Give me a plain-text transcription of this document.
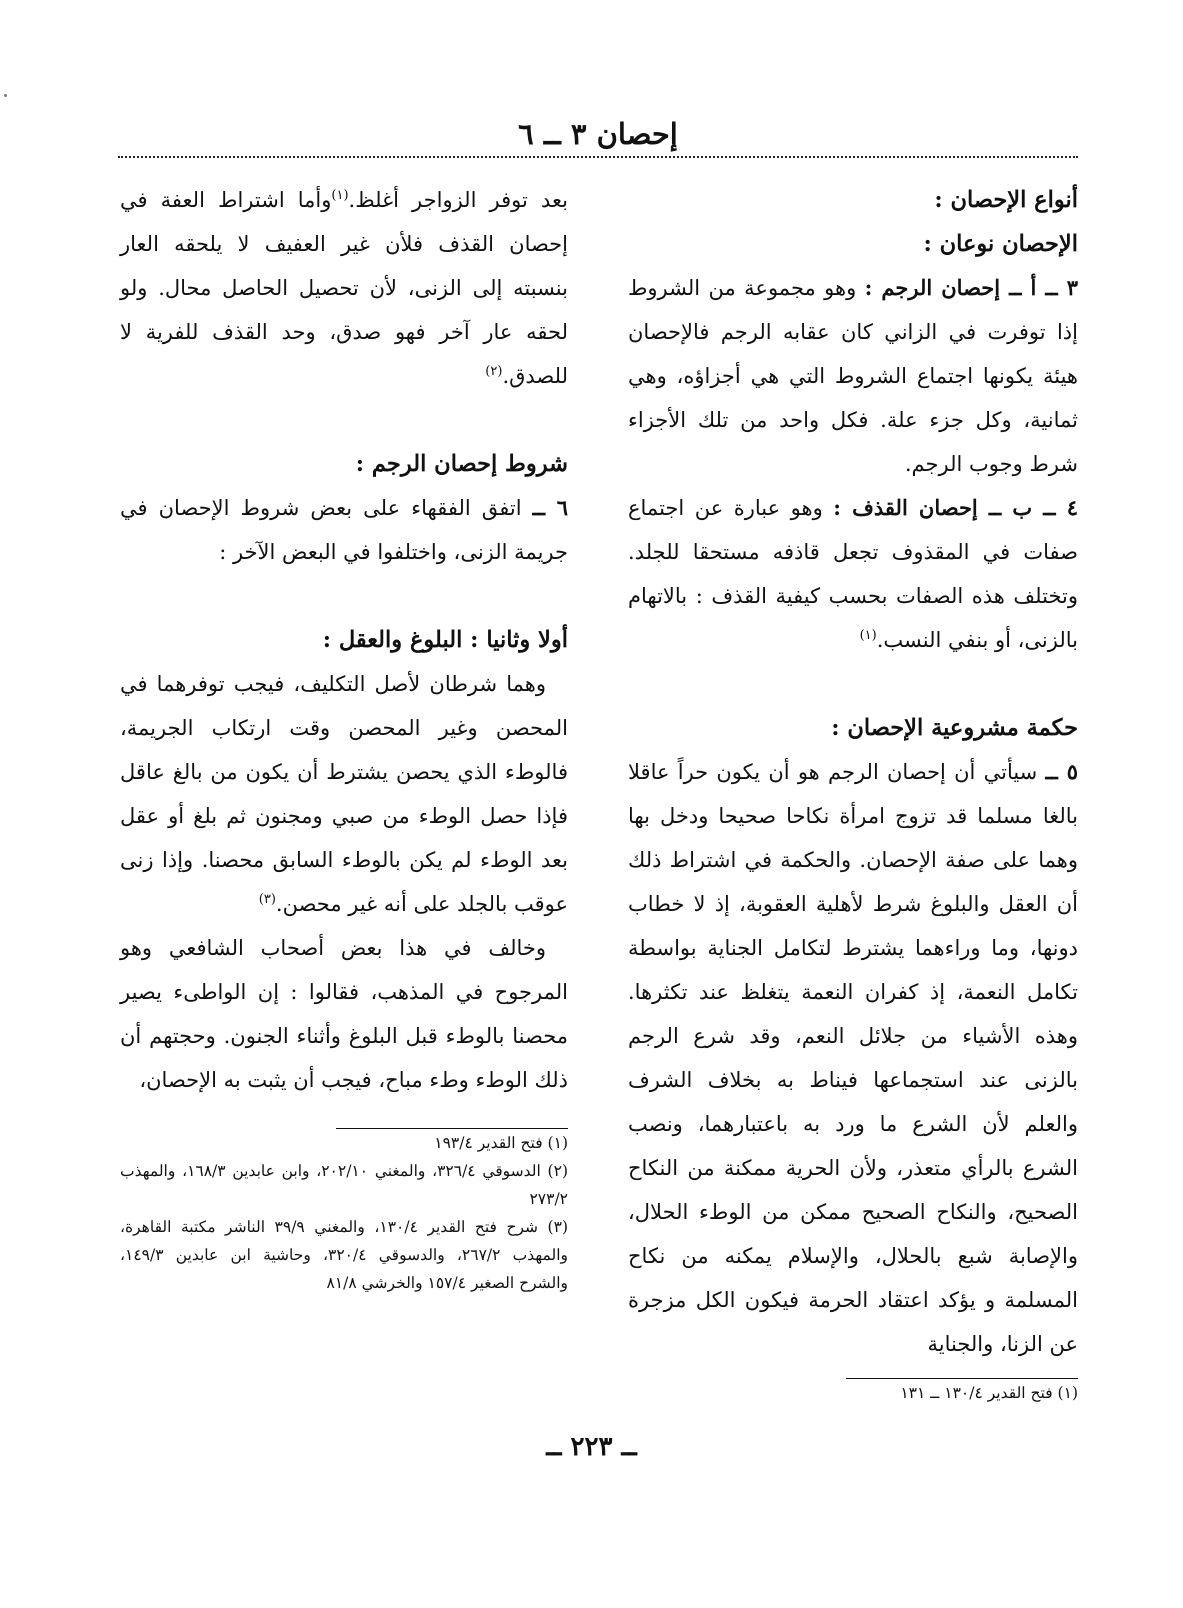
إحصان ٣ ــ ٦

أنواع الإحصان :

الإحصان نوعان :

٣ ــ أ ــ إحصان الرجم : وهو مجموعة من الشروط إذا توفرت في الزاني كان عقابه الرجم فالإحصان هيئة يكونها اجتماع الشروط التي هي أجزاؤه، وهي ثمانية، وكل جزء علة. فكل واحد من تلك الأجزاء شرط وجوب الرجم.

٤ ــ ب ــ إحصان القذف : وهو عبارة عن اجتماع صفات في المقذوف تجعل قاذفه مستحقا للجلد. وتختلف هذه الصفات بحسب كيفية القذف : بالاتهام بالزنى، أو بنفي النسب.$^{(١)}$

حكمة مشروعية الإحصان :

٥ ــ سيأتي أن إحصان الرجم هو أن يكون حراً عاقلا بالغا مسلما قد تزوج امرأة نكاحا صحيحا ودخل بها وهما على صفة الإحصان. والحكمة في اشتراط ذلك أن العقل والبلوغ شرط لأهلية العقوبة، إذ لا خطاب دونها، وما وراءهما يشترط لتكامل الجناية بواسطة تكامل النعمة، إذ كفران النعمة يتغلظ عند تكثرها. وهذه الأشياء من جلائل النعم، وقد شرع الرجم بالزنى عند استجماعها فيناط به بخلاف الشرف والعلم لأن الشرع ما ورد به باعتبارهما، ونصب الشرع بالرأي متعذر، ولأن الحرية ممكنة من النكاح الصحيح، والنكاح الصحيح ممكن من الوطء الحلال، والإصابة شبع بالحلال، والإسلام يمكنه من نكاح المسلمة و يؤكد اعتقاد الحرمة فيكون الكل مزجرة عن الزنا، والجناية

(١) فتح القدير ١٣٠/٤ ــ ١٣١

بعد توفر الزواجر أغلظ.$^{(١)}$وأما اشتراط العفة في إحصان القذف فلأن غير العفيف لا يلحقه العار بنسبته إلى الزنى، لأن تحصيل الحاصل محال. ولو لحقه عار آخر فهو صدق، وحد القذف للفرية لا للصدق.$^{(٢)}$

شروط إحصان الرجم :

٦ ــ اتفق الفقهاء على بعض شروط الإحصان في جريمة الزنى، واختلفوا في البعض الآخر :

أولا وثانيا : البلوغ والعقل :

وهما شرطان لأصل التكليف، فيجب توفرهما في المحصن وغير المحصن وقت ارتكاب الجريمة، فالوطء الذي يحصن يشترط أن يكون من بالغ عاقل فإذا حصل الوطء من صبي ومجنون ثم بلغ أو عقل بعد الوطء لم يكن بالوطء السابق محصنا. وإذا زنى عوقب بالجلد على أنه غير محصن.$^{(٣)}$

وخالف في هذا بعض أصحاب الشافعي وهو المرجوح في المذهب، فقالوا : إن الواطىء يصير محصنا بالوطء قبل البلوغ وأثناء الجنون. وحجتهم أن ذلك الوطء وطء مباح، فيجب أن يثبت به الإحصان،

(١) فتح القدير ١٩٣/٤

(٢) الدسوقي ٣٢٦/٤، والمغني ٢٠٢/١٠، وابن عابدين ١٦٨/٣، والمهذب ٢٧٣/٢

(٣) شرح فتح القدير ١٣٠/٤، والمغني ٣٩/٩ الناشر مكتبة القاهرة، والمهذب ٢٦٧/٢، والدسوقي ٣٢٠/٤، وحاشية ابن عابدين ١٤٩/٣، والشرح الصغير ١٥٧/٤ والخرشي ٨١/٨

ــ ٢٢٣ ــ
